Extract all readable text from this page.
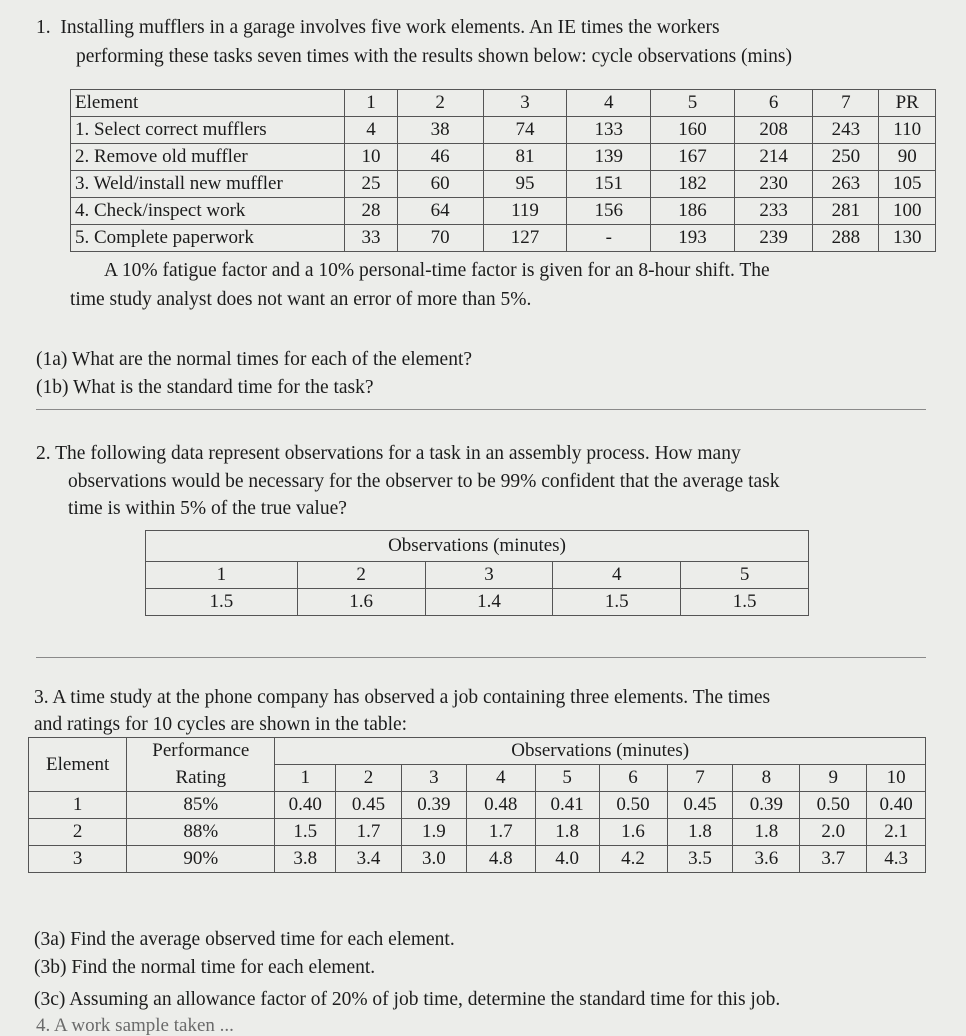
1. Installing mufflers in a garage involves five work elements. An IE times the workers
performing these tasks seven times with the results shown below: cycle observations (mins)
Element	1	2	3	4	5	6	7	PR
1. Select correct mufflers	4	38	74	133	160	208	243	110
2. Remove old muffler	10	46	81	139	167	214	250	90
3. Weld/install new muffler	25	60	95	151	182	230	263	105
4. Check/inspect work	28	64	119	156	186	233	281	100
5. Complete paperwork	33	70	127	-	193	239	288	130
A 10% fatigue factor and a 10% personal-time factor is given for an 8-hour shift. The
time study analyst does not want an error of more than 5%.
(1a) What are the normal times for each of the element?
(1b) What is the standard time for the task?
2. The following data represent observations for a task in an assembly process. How many
observations would be necessary for the observer to be 99% confident that the average task
time is within 5% of the true value?
Observations (minutes)				
1	2	3	4	5
1.5	1.6	1.4	1.5	1.5
3. A time study at the phone company has observed a job containing three elements. The times
and ratings for 10 cycles are shown in the table:
Element	Performance	Observations (minutes)									
	Rating	1	2	3	4	5	6	7	8	9	10
1	85%	0.40	0.45	0.39	0.48	0.41	0.50	0.45	0.39	0.50	0.40
2	88%	1.5	1.7	1.9	1.7	1.8	1.6	1.8	1.8	2.0	2.1
3	90%	3.8	3.4	3.0	4.8	4.0	4.2	3.5	3.6	3.7	4.3
(3a) Find the average observed time for each element.
(3b) Find the normal time for each element.
(3c) Assuming an allowance factor of 20% of job time, determine the standard time for this job.
4. A work sample taken ...
